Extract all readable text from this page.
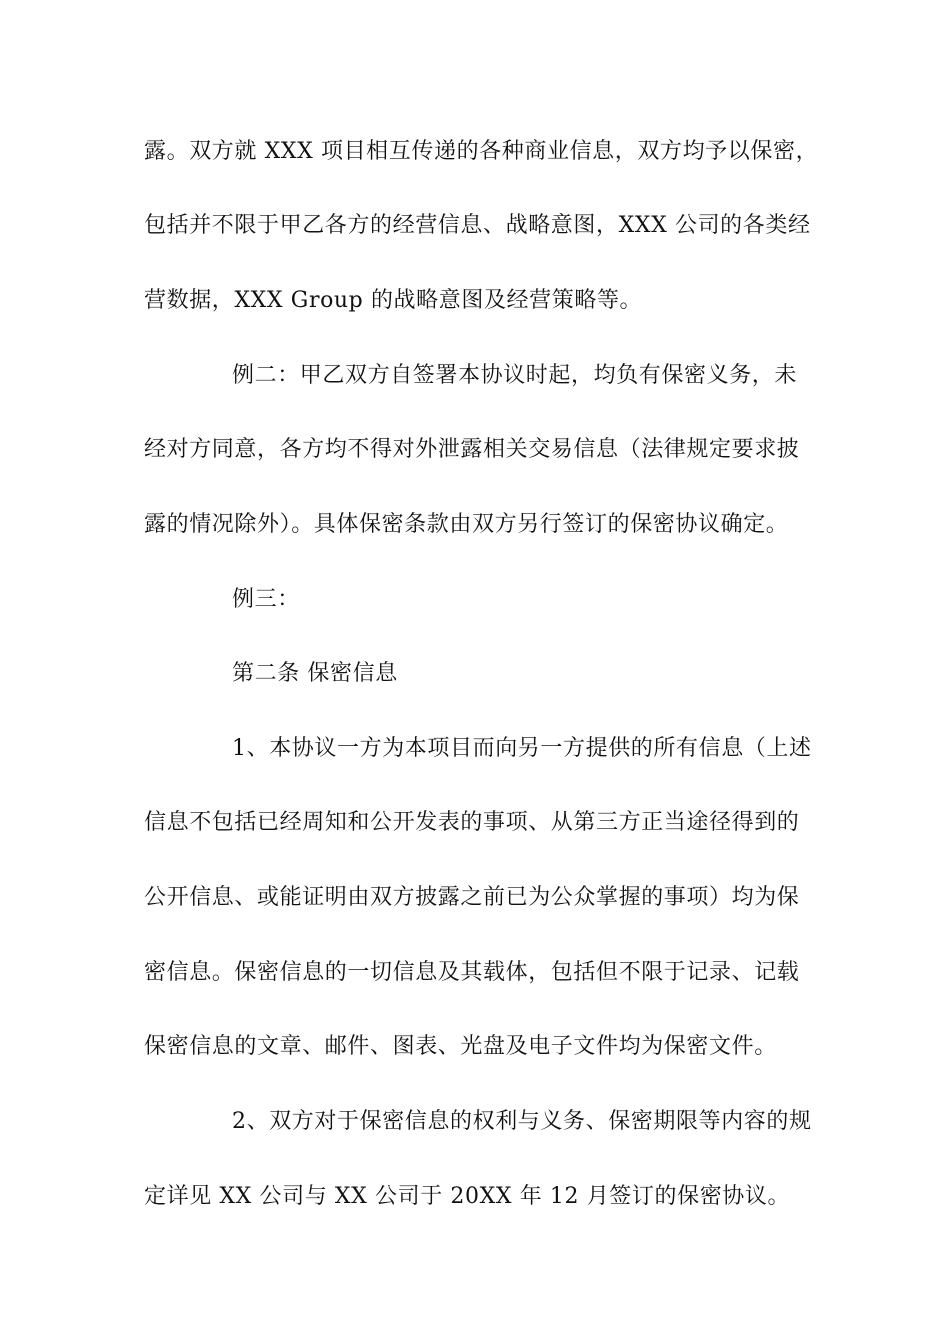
露。双方就 XXX 项目相互传递的各种商业信息，双方均予以保密，
包括并不限于甲乙各方的经营信息、战略意图，XXX 公司的各类经
营数据，XXX Group 的战略意图及经营策略等。
例二：甲乙双方自签署本协议时起，均负有保密义务，未
经对方同意，各方均不得对外泄露相关交易信息（法律规定要求披
露的情况除外）。具体保密条款由双方另行签订的保密协议确定。
例三：
第二条 保密信息
1、本协议一方为本项目而向另一方提供的所有信息（上述
信息不包括已经周知和公开发表的事项、从第三方正当途径得到的
公开信息、或能证明由双方披露之前已为公众掌握的事项）均为保
密信息。保密信息的一切信息及其载体，包括但不限于记录、记载
保密信息的文章、邮件、图表、光盘及电子文件均为保密文件。
2、双方对于保密信息的权利与义务、保密期限等内容的规
定详见 XX 公司与 XX 公司于 20XX 年 12 月签订的保密协议。
